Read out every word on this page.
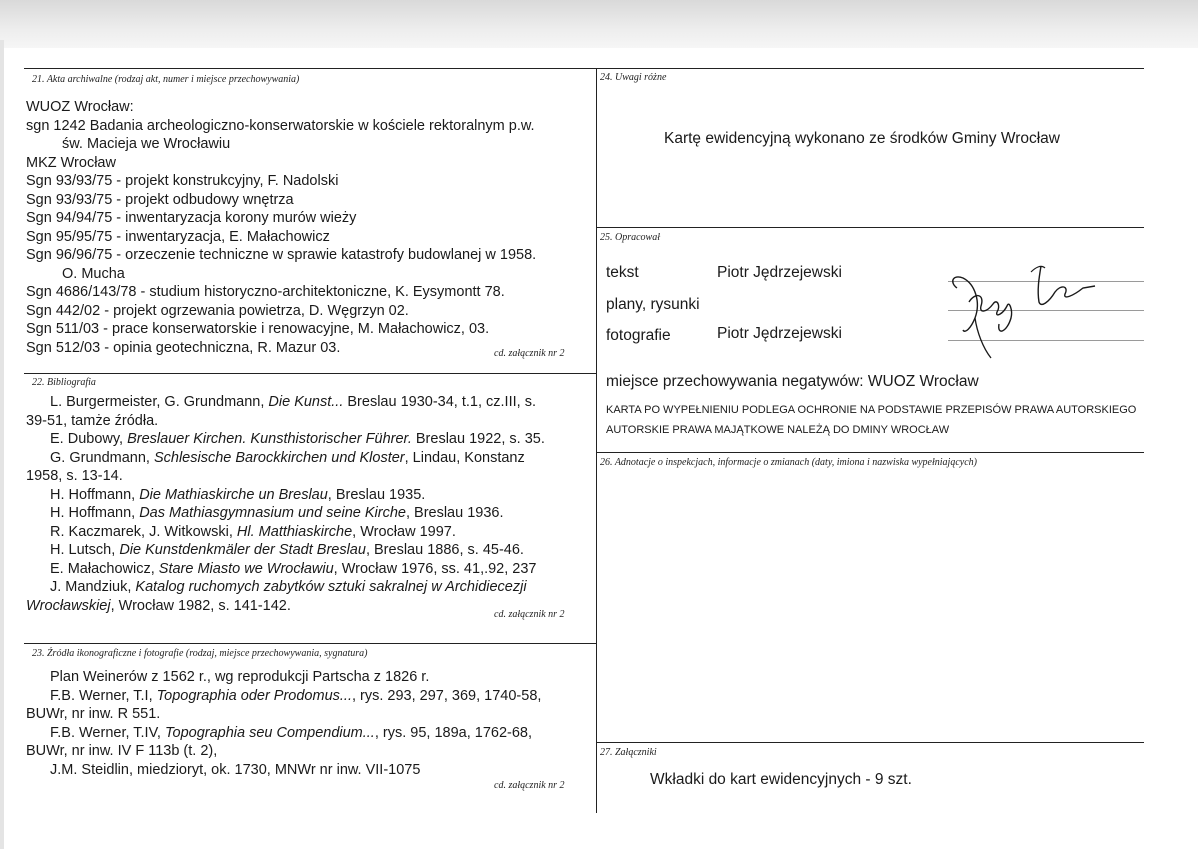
21. Akta archiwalne (rodzaj akt, numer i miejsce przechowywania)
WUOZ Wrocław:
sgn 1242 Badania archeologiczno-konserwatorskie w kościele rektoralnym p.w.
św. Macieja we Wrocławiu
MKZ Wrocław
Sgn 93/93/75 - projekt konstrukcyjny, F. Nadolski
Sgn 93/93/75 - projekt odbudowy wnętrza
Sgn 94/94/75 - inwentaryzacja korony murów wieży
Sgn 95/95/75 - inwentaryzacja, E. Małachowicz
Sgn 96/96/75 - orzeczenie techniczne w sprawie katastrofy budowlanej w 1958.
O. Mucha
Sgn 4686/143/78 - studium historyczno-architektoniczne, K. Eysymontt 78.
Sgn 442/02 - projekt ogrzewania powietrza, D. Węgrzyn 02.
Sgn 511/03 - prace konserwatorskie i renowacyjne, M. Małachowicz, 03.
Sgn 512/03 - opinia geotechniczna, R. Mazur 03.	cd. załącznik nr 2
22. Bibliografia
L. Burgermeister, G. Grundmann, Die Kunst... Breslau 1930-34, t.1, cz.III, s.
39-51, tamże źródła.
E. Dubowy, Breslauer Kirchen. Kunsthistorischer Führer. Breslau 1922, s. 35.
G. Grundmann, Schlesische Barockkirchen und Kloster, Lindau, Konstanz
1958, s. 13-14.
H. Hoffmann, Die Mathiaskirche un Breslau, Breslau 1935.
H. Hoffmann, Das Mathiasgymnasium und seine Kirche, Breslau 1936.
R. Kaczmarek, J. Witkowski, Hl. Matthiaskirche, Wrocław 1997.
H. Lutsch, Die Kunstdenkmäler der Stadt Breslau, Breslau 1886, s. 45-46.
E. Małachowicz, Stare Miasto we Wrocławiu, Wrocław 1976, ss. 41,.92, 237
J. Mandziuk, Katalog ruchomych zabytków sztuki sakralnej w Archidiecezji
Wrocławskiej, Wrocław 1982, s. 141-142.
cd. załącznik nr 2
23. Źródła ikonograficzne i fotografie (rodzaj, miejsce przechowywania, sygnatura)
Plan Weinerów z 1562 r., wg reprodukcji Partscha z 1826 r.
F.B. Werner, T.I, Topographia oder Prodomus..., rys. 293, 297, 369, 1740-58,
BUWr, nr inw. R 551.
F.B. Werner, T.IV, Topographia seu Compendium..., rys. 95, 189a, 1762-68,
BUWr, nr inw. IV F 113b (t. 2),
J.M. Steidlin, miedzioryt, ok. 1730, MNWr nr inw. VII-1075
cd. załącznik nr 2
24. Uwagi różne
Kartę ewidencyjną wykonano ze środków Gminy Wrocław
25. Opracował
tekst	Piotr Jędrzejewski
plany, rysunki
fotografie	Piotr Jędrzejewski
miejsce przechowywania negatywów: WUOZ Wrocław
KARTA PO WYPEŁNIENIU PODLEGA OCHRONIE NA PODSTAWIE PRZEPISÓW PRAWA AUTORSKIEGO
AUTORSKIE PRAWA MAJĄTKOWE NALEŻĄ DO DMINY WROCŁAW
26. Adnotacje o inspekcjach, informacje o zmianach (daty, imiona i nazwiska wypełniających)
27. Załączniki
Wkładki do kart ewidencyjnych - 9 szt.
